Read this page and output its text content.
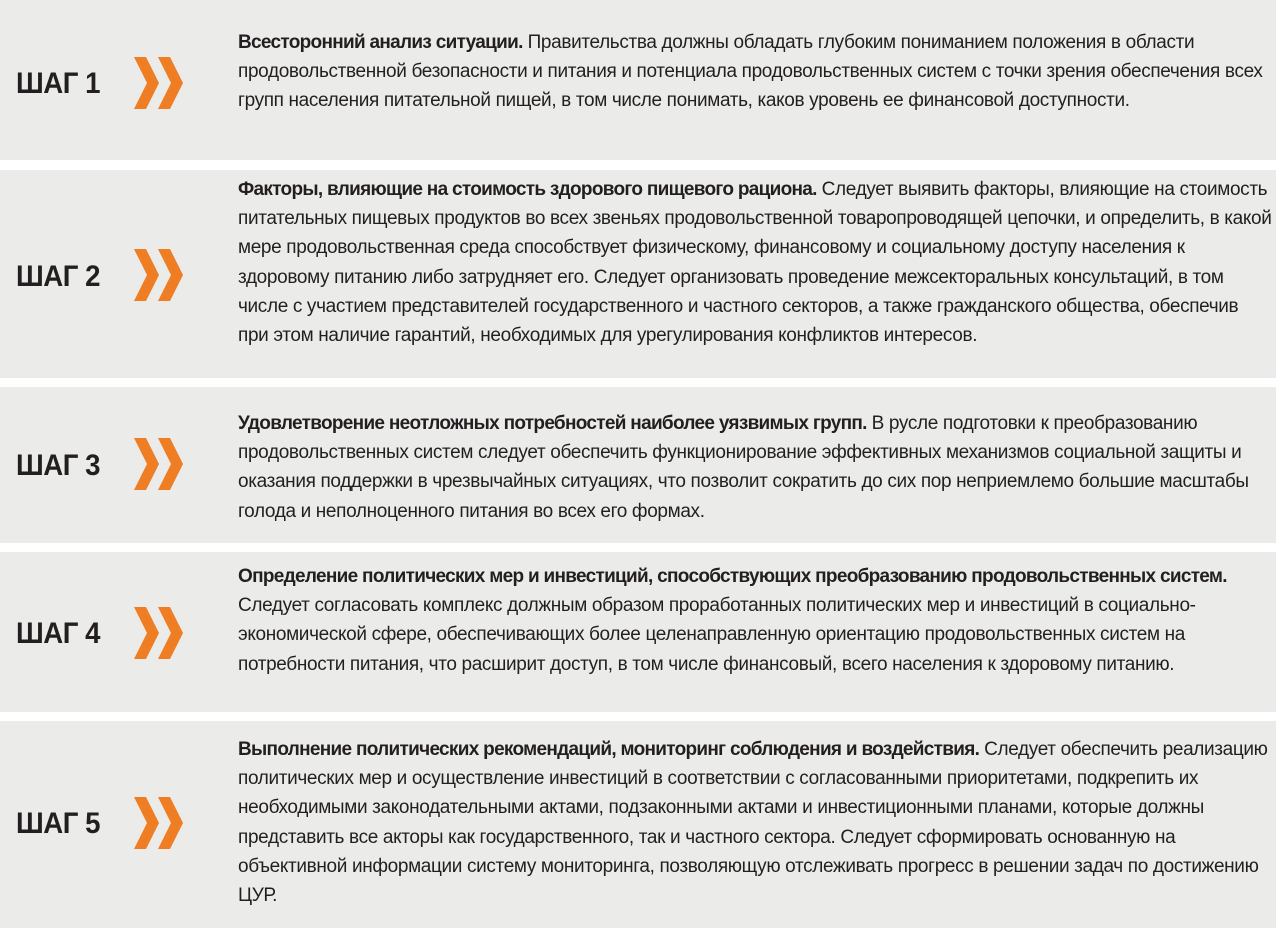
ШАГ 1
Всесторонний анализ ситуации. Правительства должны обладать глубоким пониманием положения в области продовольственной безопасности и питания и потенциала продовольственных систем с точки зрения обеспечения всех групп населения питательной пищей, в том числе понимать, каков уровень ее финансовой доступности.
ШАГ 2
Факторы, влияющие на стоимость здорового пищевого рациона. Следует выявить факторы, влияющие на стоимость питательных пищевых продуктов во всех звеньях продовольственной товаропроводящей цепочки, и определить, в какой мере продовольственная среда способствует физическому, финансовому и социальному доступу населения к здоровому питанию либо затрудняет его. Следует организовать проведение межсекторальных консультаций, в том числе с участием представителей государственного и частного секторов, а также гражданского общества, обеспечив при этом наличие гарантий, необходимых для урегулирования конфликтов интересов.
ШАГ 3
Удовлетворение неотложных потребностей наиболее уязвимых групп. В русле подготовки к преобразованию продовольственных систем следует обеспечить функционирование эффективных механизмов социальной защиты и оказания поддержки в чрезвычайных ситуациях, что позволит сократить до сих пор неприемлемо большие масштабы голода и неполноценного питания во всех его формах.
ШАГ 4
Определение политических мер и инвестиций, способствующих преобразованию продовольственных систем. Следует согласовать комплекс должным образом проработанных политических мер и инвестиций в социально-экономической сфере, обеспечивающих более целенаправленную ориентацию продовольственных систем на потребности питания, что расширит доступ, в том числе финансовый, всего населения к здоровому питанию.
ШАГ 5
Выполнение политических рекомендаций, мониторинг соблюдения и воздействия. Следует обеспечить реализацию политических мер и осуществление инвестиций в соответствии с согласованными приоритетами, подкрепить их необходимыми законодательными актами, подзаконными актами и инвестиционными планами, которые должны представить все акторы как государственного, так и частного сектора. Следует сформировать основанную на объективной информации систему мониторинга, позволяющую отслеживать прогресс в решении задач по достижению ЦУР.
